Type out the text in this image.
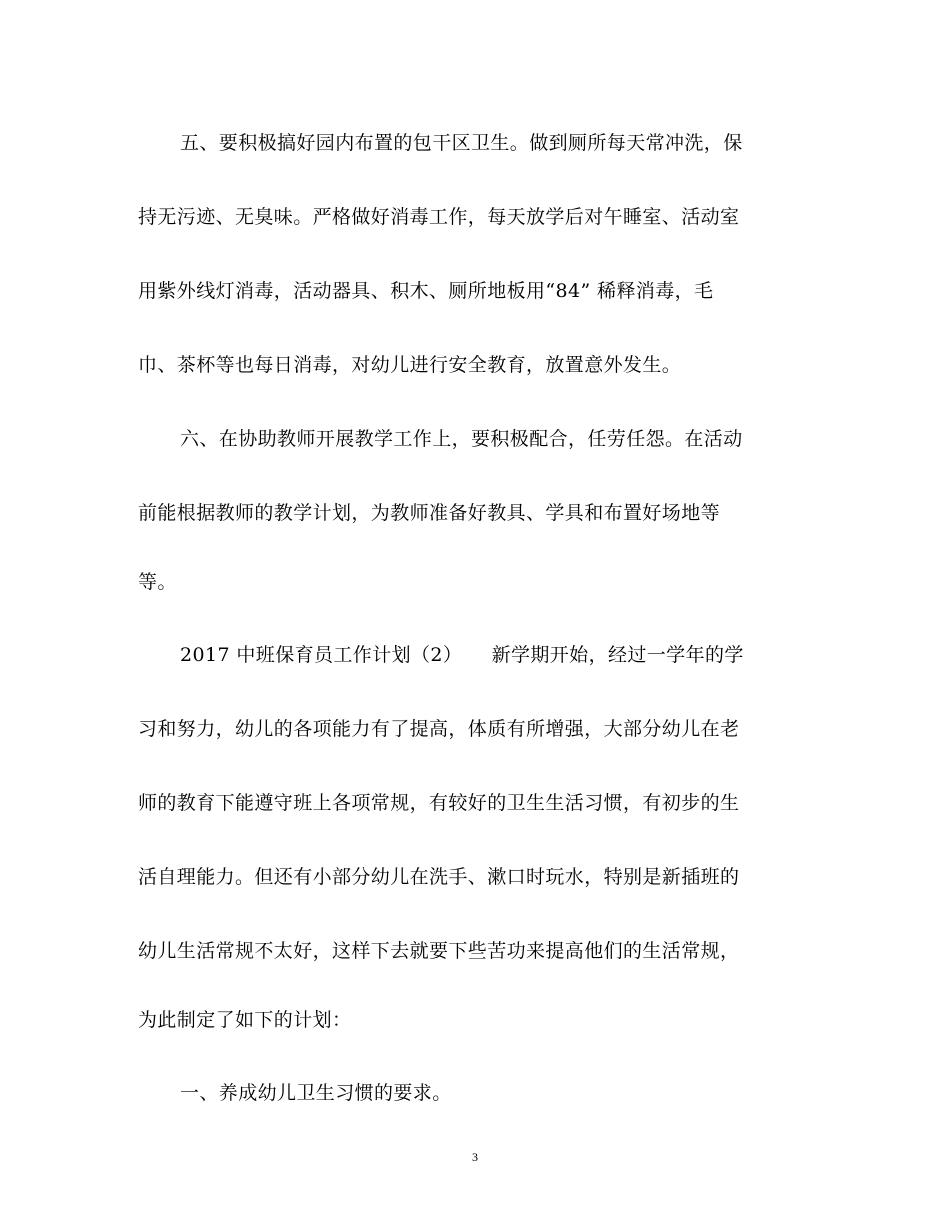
五、要积极搞好园内布置的包干区卫生。做到厕所每天常冲洗，保
持无污迹、无臭味。严格做好消毒工作，每天放学后对午睡室、活动室
用紫外线灯消毒，活动器具、积木、厕所地板用“84” 稀释消毒，毛
巾、茶杯等也每日消毒，对幼儿进行安全教育，放置意外发生。
六、在协助教师开展教学工作上，要积极配合，任劳任怨。在活动
前能根据教师的教学计划，为教师准备好教具、学具和布置好场地等
等。
2017 中班保育员工作计划（2）　　新学期开始，经过一学年的学
习和努力，幼儿的各项能力有了提高，体质有所增强，大部分幼儿在老
师的教育下能遵守班上各项常规，有较好的卫生生活习惯，有初步的生
活自理能力。但还有小部分幼儿在洗手、漱口时玩水，特别是新插班的
幼儿生活常规不太好，这样下去就要下些苦功来提高他们的生活常规，
为此制定了如下的计划：
一、养成幼儿卫生习惯的要求。
3
